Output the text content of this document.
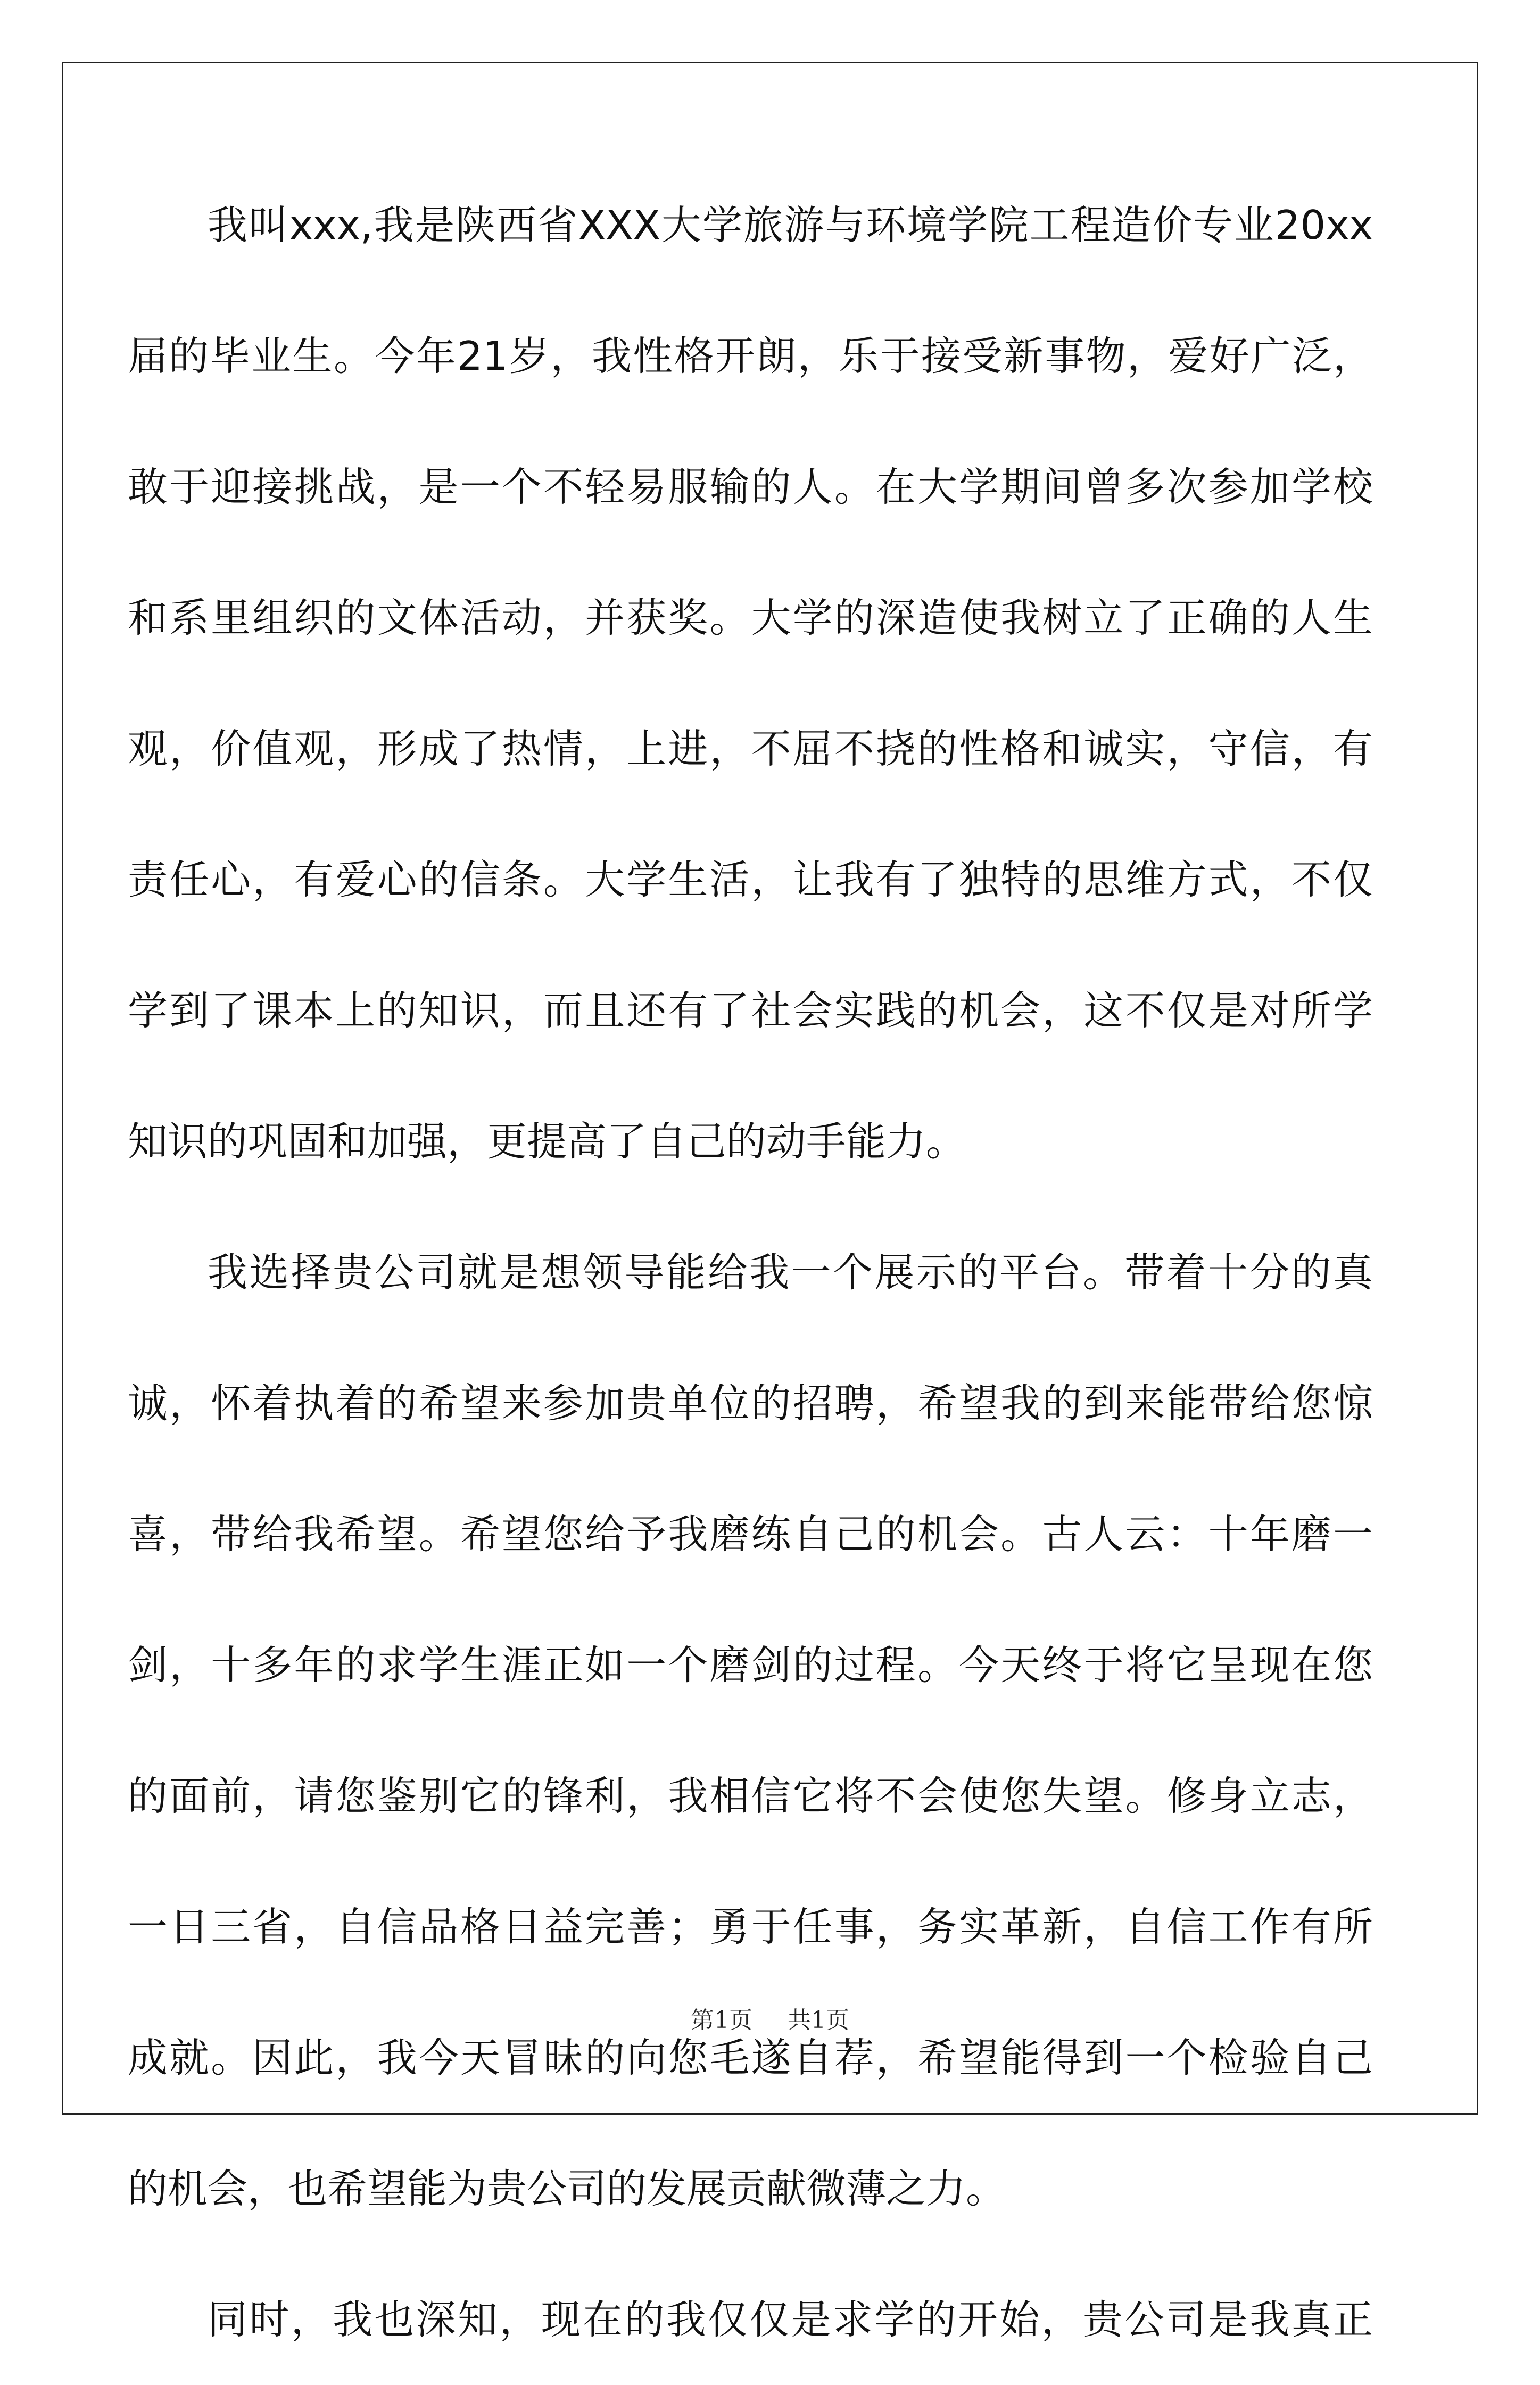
我叫xxx,我是陕西省XXX大学旅游与环境学院工程造价专业20xx
届的毕业生。今年21岁，我性格开朗，乐于接受新事物，爱好广泛，
敢于迎接挑战，是一个不轻易服输的人。在大学期间曾多次参加学校
和系里组织的文体活动，并获奖。大学的深造使我树立了正确的人生
观，价值观，形成了热情，上进，不屈不挠的性格和诚实，守信，有
责任心，有爱心的信条。大学生活，让我有了独特的思维方式，不仅
学到了课本上的知识，而且还有了社会实践的机会，这不仅是对所学
知识的巩固和加强，更提高了自己的动手能力。
我选择贵公司就是想领导能给我一个展示的平台。带着十分的真
诚，怀着执着的希望来参加贵单位的招聘，希望我的到来能带给您惊
喜，带给我希望。希望您给予我磨练自己的机会。古人云：十年磨一
剑，十多年的求学生涯正如一个磨剑的过程。今天终于将它呈现在您
的面前，请您鉴别它的锋利，我相信它将不会使您失望。修身立志，
一日三省，自信品格日益完善；勇于任事，务实革新，自信工作有所
成就。因此，我今天冒昧的向您毛遂自荐，希望能得到一个检验自己
的机会，也希望能为贵公司的发展贡献微薄之力。
同时，我也深知，现在的我仅仅是求学的开始，贵公司是我真正
第1页 共1页
